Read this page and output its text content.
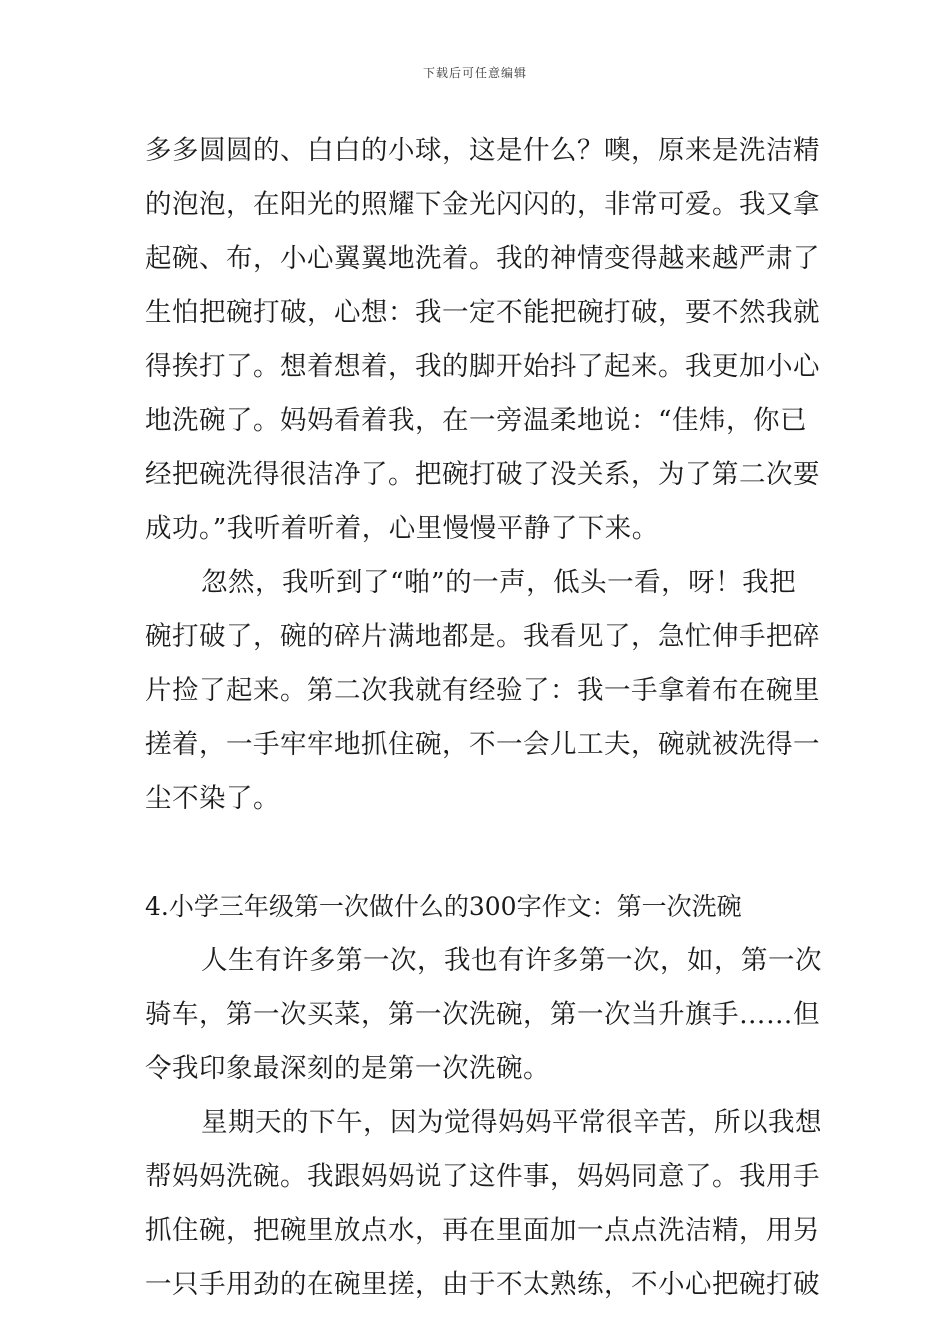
下载后可任意编辑
多多圆圆的、白白的小球，这是什么？噢，原来是洗洁精
的泡泡，在阳光的照耀下金光闪闪的，非常可爱。我又拿
起碗、布，小心翼翼地洗着。我的神情变得越来越严肃了
生怕把碗打破，心想：我一定不能把碗打破，要不然我就
得挨打了。想着想着，我的脚开始抖了起来。我更加小心
地洗碗了。妈妈看着我，在一旁温柔地说：“佳炜，你已
经把碗洗得很洁净了。把碗打破了没关系，为了第二次要
成功。”我听着听着，心里慢慢平静了下来。
忽然，我听到了“啪”的一声，低头一看，呀！我把
碗打破了，碗的碎片满地都是。我看见了，急忙伸手把碎
片捡了起来。第二次我就有经验了：我一手拿着布在碗里
搓着，一手牢牢地抓住碗，不一会儿工夫，碗就被洗得一
尘不染了。
4.小学三年级第一次做什么的300字作文：第一次洗碗
人生有许多第一次，我也有许多第一次，如，第一次
骑车，第一次买菜，第一次洗碗，第一次当升旗手……但
令我印象最深刻的是第一次洗碗。
星期天的下午，因为觉得妈妈平常很辛苦，所以我想
帮妈妈洗碗。我跟妈妈说了这件事，妈妈同意了。我用手
抓住碗，把碗里放点水，再在里面加一点点洗洁精，用另
一只手用劲的在碗里搓，由于不太熟练，不小心把碗打破
